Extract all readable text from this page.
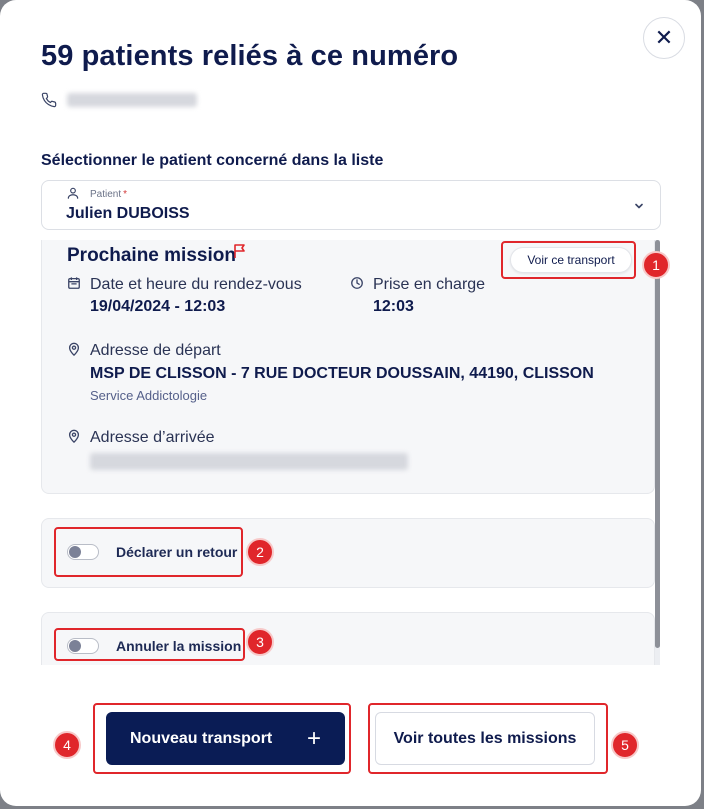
✕
59 patients reliés à ce numéro
Sélectionner le patient concerné dans la liste
Patient *
Julien DUBOISS
Prochaine mission	Voir ce transport
Date et heure du rendez-vous
19/04/2024 - 12:03
Prise en charge
12:03
Adresse de départ
MSP DE CLISSON - 7 RUE DOCTEUR DOUSSAIN, 44190, CLISSON
Service Addictologie
Adresse d’arrivée
Déclarer un retour
Annuler la mission
Nouveau transport +	Voir toutes les missions
1
2
3
4	5
